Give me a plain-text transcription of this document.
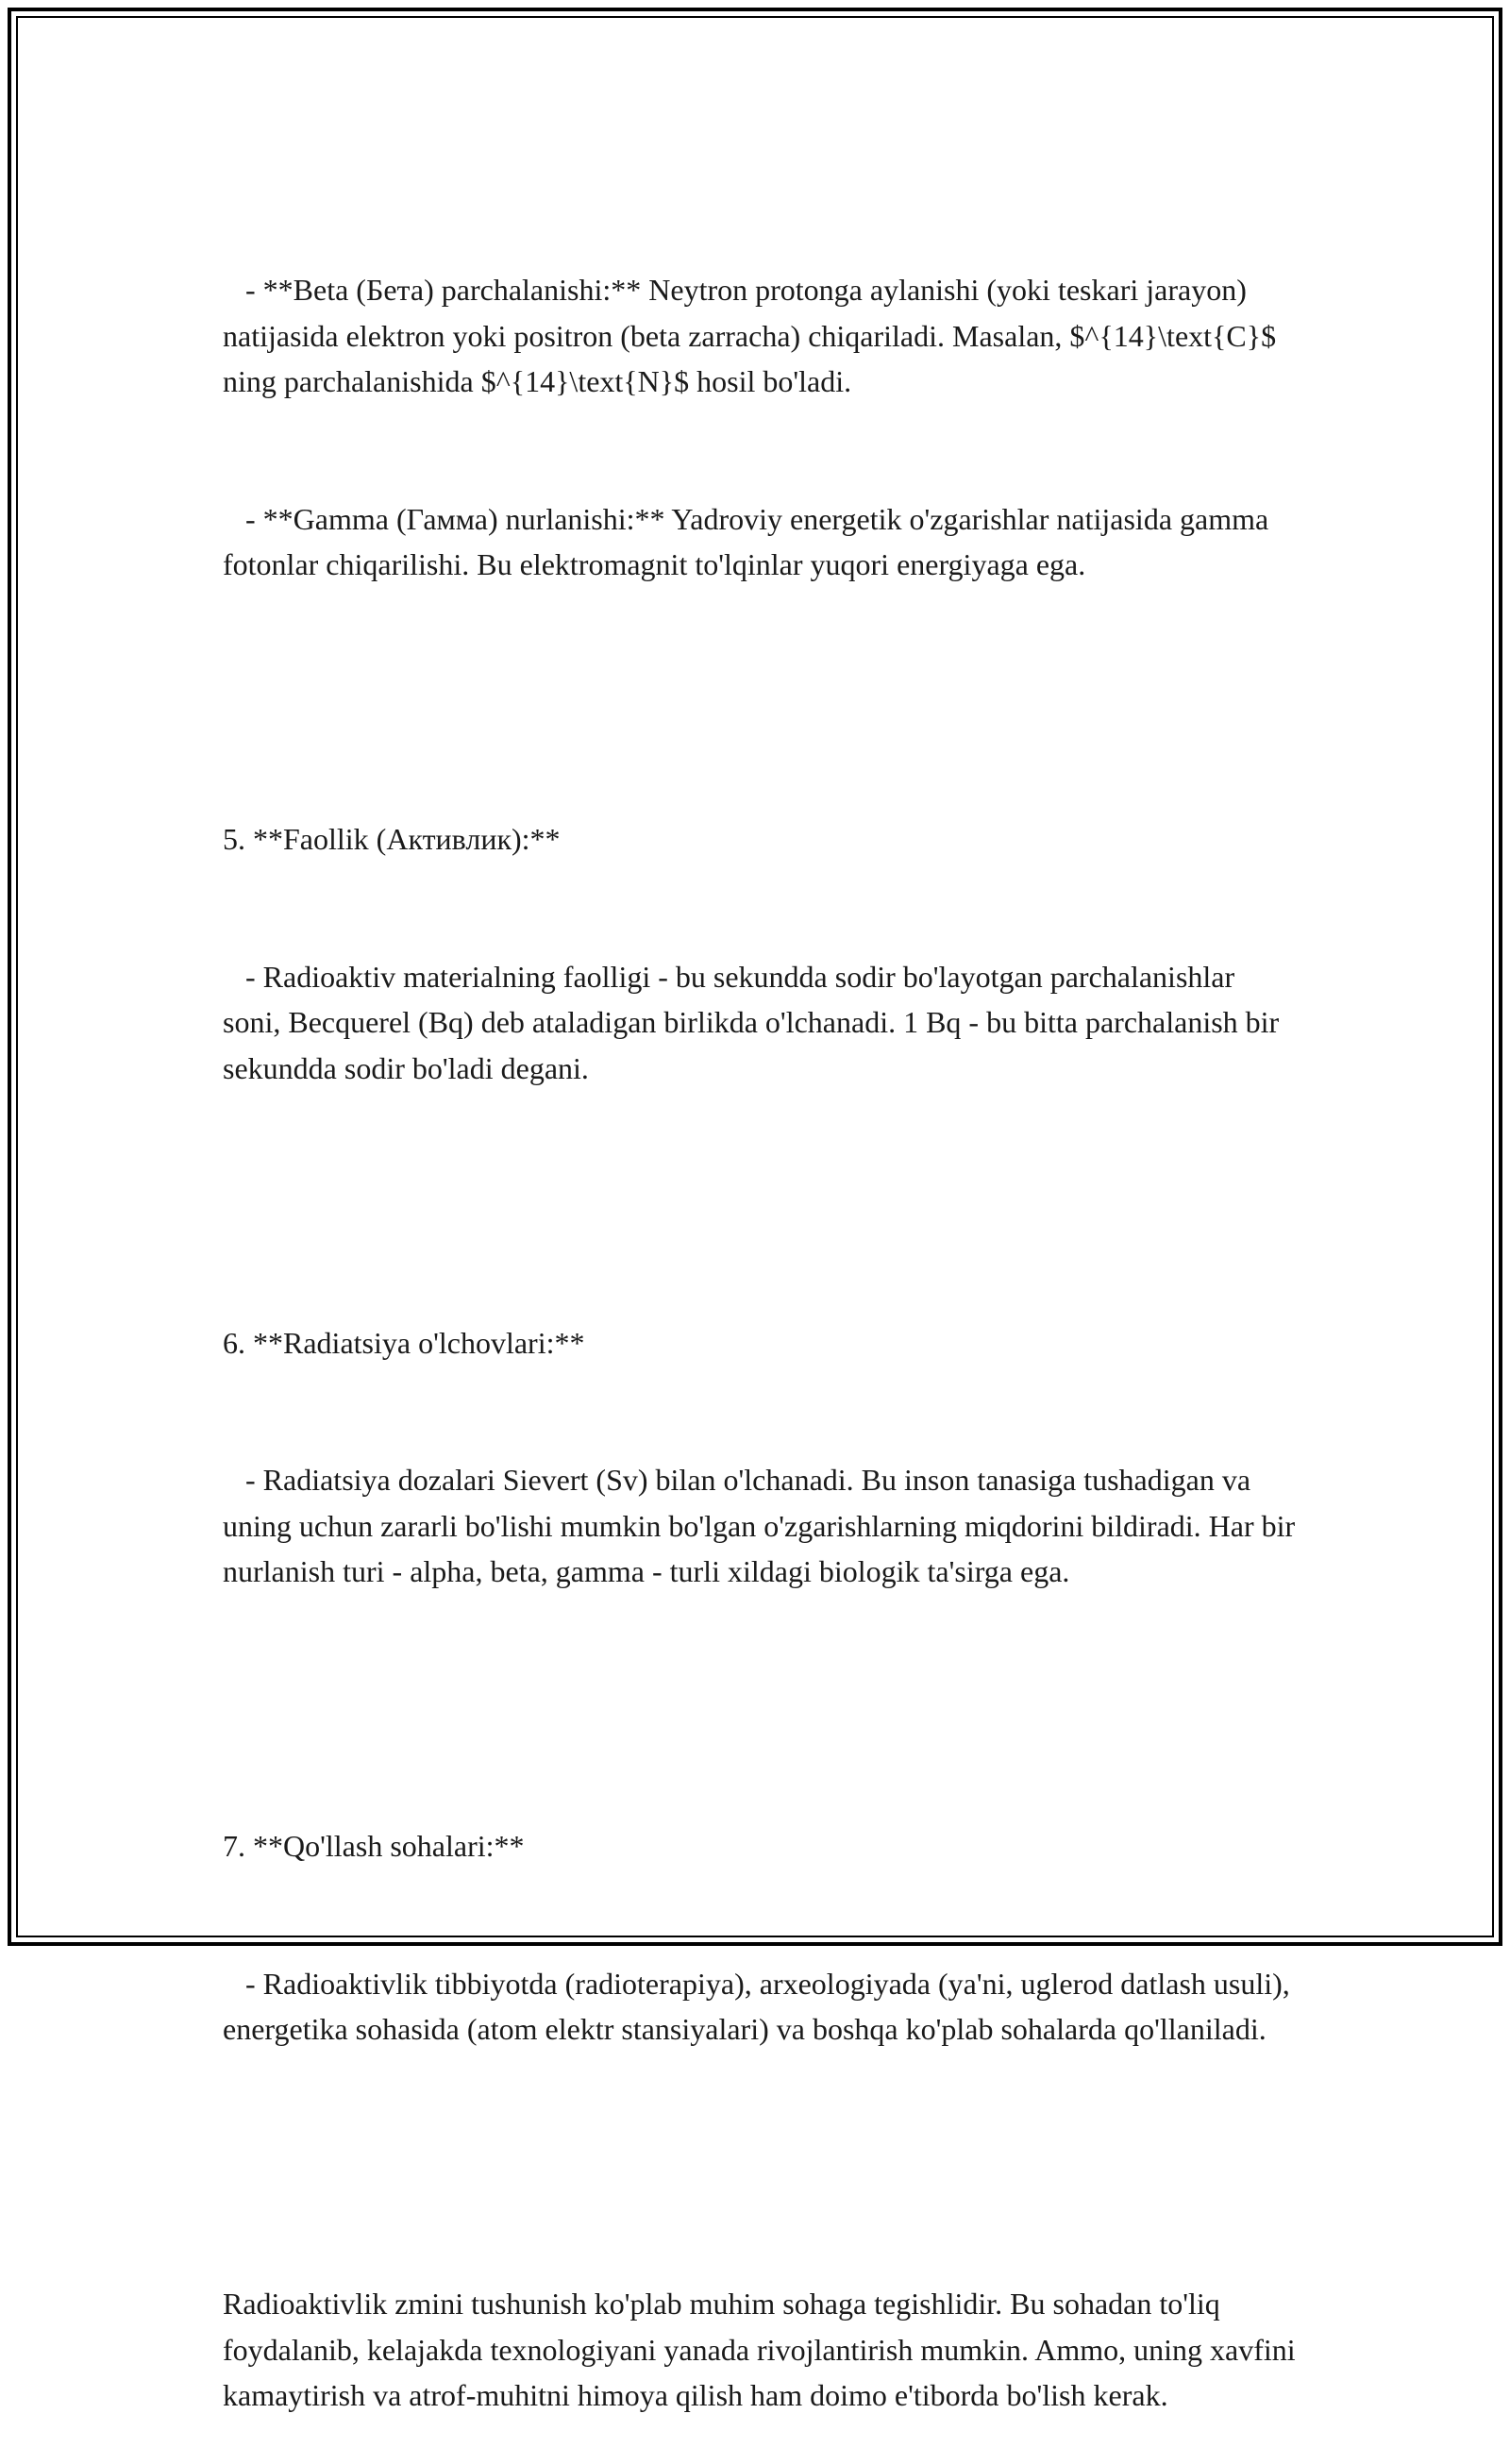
- **Beta (Бета) parchalanishi:** Neytron protonga aylanishi (yoki teskari jarayon) natijasida elektron yoki positron (beta zarracha) chiqariladi. Masalan, $^{14}\text{C}$ ning parchalanishida $^{14}\text{N}$ hosil bo'ladi.

- **Gamma (Гамма) nurlanishi:** Yadroviy energetik o'zgarishlar natijasida gamma fotonlar chiqarilishi. Bu elektromagnit to'lqinlar yuqori energiyaga ega.

5. **Faollik (Активлик):**

- Radioaktiv materialning faolligi - bu sekundda sodir bo'layotgan parchalanishlar soni, Becquerel (Bq) deb ataladigan birlikda o'lchanadi. 1 Bq - bu bitta parchalanish bir sekundda sodir bo'ladi degani.

6. **Radiatsiya o'lchovlari:**

- Radiatsiya dozalari Sievert (Sv) bilan o'lchanadi. Bu inson tanasiga tushadigan va uning uchun zararli bo'lishi mumkin bo'lgan o'zgarishlarning miqdorini bildiradi. Har bir nurlanish turi - alpha, beta, gamma - turli xildagi biologik ta'sirga ega.

7. **Qo'llash sohalari:**

- Radioaktivlik tibbiyotda (radioterapiya), arxeologiyada (ya'ni, uglerod datlash usuli), energetika sohasida (atom elektr stansiyalari) va boshqa ko'plab sohalarda qo'llaniladi.

Radioaktivlik zmini tushunish ko'plab muhim sohaga tegishlidir. Bu sohadan to'liq foydalanib, kelajakda texnologiyani yanada rivojlantirish mumkin. Ammo, uning xavfini kamaytirish va atrof-muhitni himoya qilish ham doimo e'tiborda bo'lish kerak.
